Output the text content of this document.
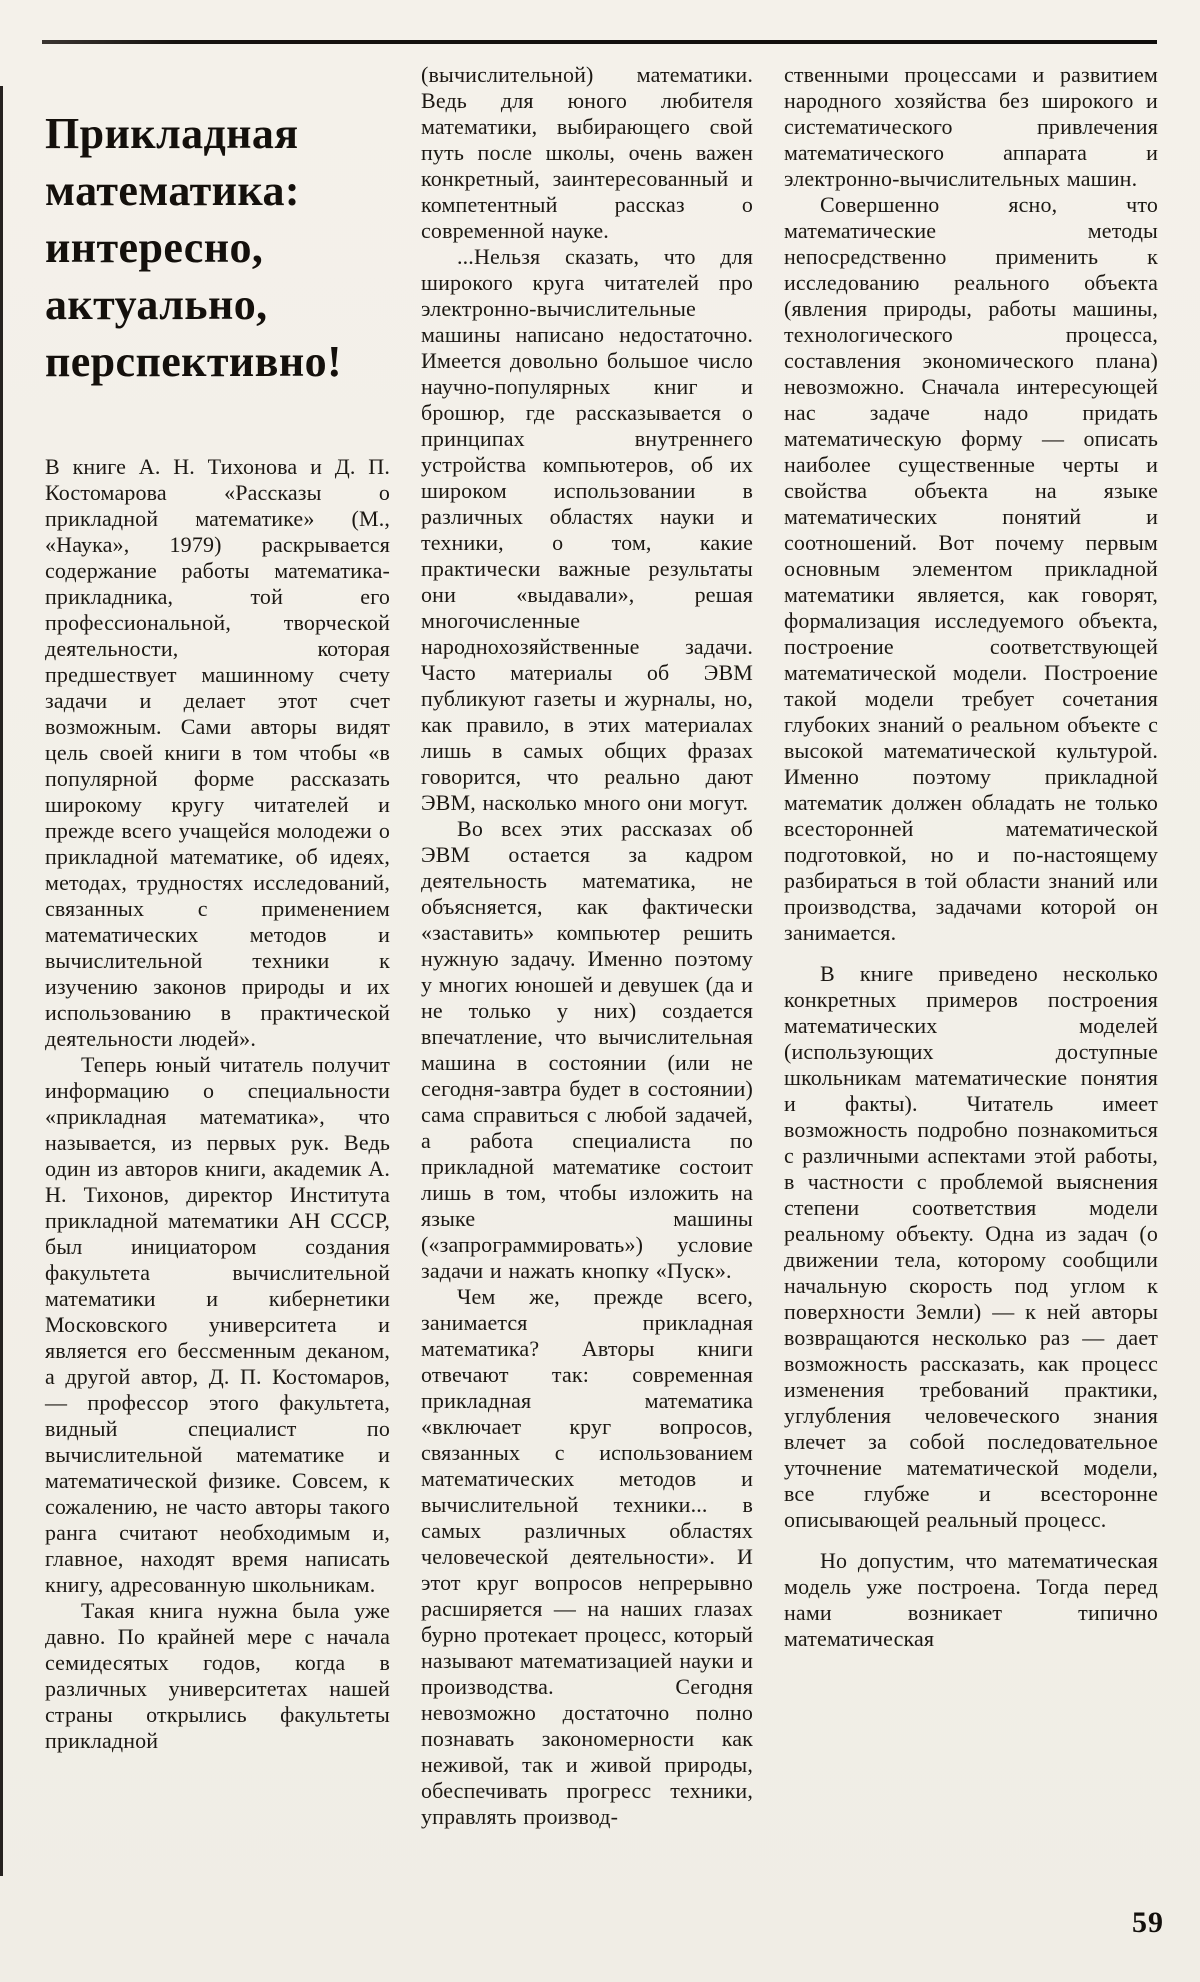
Прикладная математика: интересно, актуально, перспективно!

В книге А. Н. Тихонова и Д. П. Костомарова «Рассказы о прикладной математике» (М., «Наука», 1979) раскрывается содержание работы математика-прикладника, той его профессиональной, творческой деятельности, которая предшествует машинному счету задачи и делает этот счет возможным. Сами авторы видят цель своей книги в том чтобы «в популярной форме рассказать широкому кругу читателей и прежде всего учащейся молодежи о прикладной математике, об идеях, методах, трудностях исследований, связанных с применением математических методов и вычислительной техники к изучению законов природы и их использованию в практической деятельности людей».

Теперь юный читатель получит информацию о специальности «прикладная математика», что называется, из первых рук. Ведь один из авторов книги, академик А. Н. Тихонов, директор Института прикладной математики АН СССР, был инициатором создания факультета вычислительной математики и кибернетики Московского университета и является его бессменным деканом, а другой автор, Д. П. Костомаров,— профессор этого факультета, видный специалист по вычислительной математике и математической физике. Совсем, к сожалению, не часто авторы такого ранга считают необходимым и, главное, находят время написать книгу, адресованную школьникам.

Такая книга нужна была уже давно. По крайней мере с начала семидесятых годов, когда в различных университетах нашей страны открылись факультеты прикладной

(вычислительной) математики. Ведь для юного любителя математики, выбирающего свой путь после школы, очень важен конкретный, заинтересованный и компетентный рассказ о современной науке.

...Нельзя сказать, что для широкого круга читателей про электронно-вычислительные машины написано недостаточно. Имеется довольно большое число научно-популярных книг и брошюр, где рассказывается о принципах внутреннего устройства компьютеров, об их широком использовании в различных областях науки и техники, о том, какие практически важные результаты они «выдавали», решая многочисленные народнохозяйственные задачи. Часто материалы об ЭВМ публикуют газеты и журналы, но, как правило, в этих материалах лишь в самых общих фразах говорится, что реально дают ЭВМ, насколько много они могут.

Во всех этих рассказах об ЭВМ остается за кадром деятельность математика, не объясняется, как фактически «заставить» компьютер решить нужную задачу. Именно поэтому у многих юношей и девушек (да и не только у них) создается впечатление, что вычислительная машина в состоянии (или не сегодня-завтра будет в состоянии) сама справиться с любой задачей, а работа специалиста по прикладной математике состоит лишь в том, чтобы изложить на языке машины («запрограммировать») условие задачи и нажать кнопку «Пуск».

Чем же, прежде всего, занимается прикладная математика? Авторы книги отвечают так: современная прикладная математика «включает круг вопросов, связанных с использованием математических методов и вычислительной техники... в самых различных областях человеческой деятельности». И этот круг вопросов непрерывно расширяется — на наших глазах бурно протекает процесс, который называют математизацией науки и производства. Сегодня невозможно достаточно полно познавать закономерности как неживой, так и живой природы, обеспечивать прогресс техники, управлять производ-

ственными процессами и развитием народного хозяйства без широкого и систематического привлечения математического аппарата и электронно-вычислительных машин.

Совершенно ясно, что математические методы непосредственно применить к исследованию реального объекта (явления природы, работы машины, технологического процесса, составления экономического плана) невозможно. Сначала интересующей нас задаче надо придать математическую форму — описать наиболее существенные черты и свойства объекта на языке математических понятий и соотношений. Вот почему первым основным элементом прикладной математики является, как говорят, формализация исследуемого объекта, построение соответствующей математической модели. Построение такой модели требует сочетания глубоких знаний о реальном объекте с высокой математической культурой. Именно поэтому прикладной математик должен обладать не только всесторонней математической подготовкой, но и по-настоящему разбираться в той области знаний или производства, задачами которой он занимается.

В книге приведено несколько конкретных примеров построения математических моделей (использующих доступные школьникам математические понятия и факты). Читатель имеет возможность подробно познакомиться с различными аспектами этой работы, в частности с проблемой выяснения степени соответствия модели реальному объекту. Одна из задач (о движении тела, которому сообщили начальную скорость под углом к поверхности Земли) — к ней авторы возвращаются несколько раз — дает возможность рассказать, как процесс изменения требований практики, углубления человеческого знания влечет за собой последовательное уточнение математической модели, все глубже и всесторонне описывающей реальный процесс.

Но допустим, что математическая модель уже построена. Тогда перед нами возникает типично математическая

59
